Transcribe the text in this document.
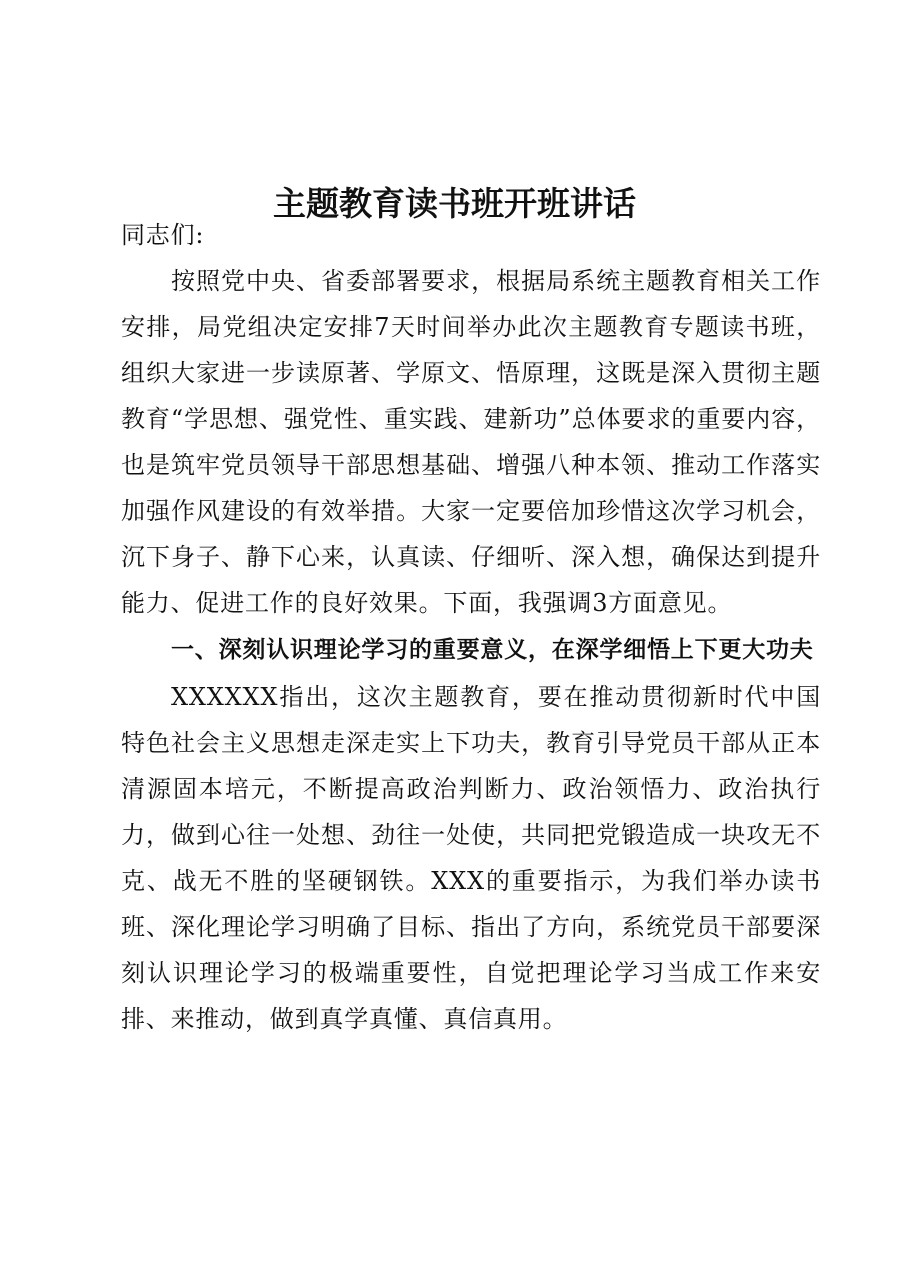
主题教育读书班开班讲话

同志们:

按照党中央、省委部署要求，根据局系统主题教育相关工作安排，局党组决定安排7天时间举办此次主题教育专题读书班，组织大家进一步读原著、学原文、悟原理，这既是深入贯彻主题教育“学思想、强党性、重实践、建新功”总体要求的重要内容，也是筑牢党员领导干部思想基础、增强八种本领、推动工作落实加强作风建设的有效举措。大家一定要倍加珍惜这次学习机会，沉下身子、静下心来，认真读、仔细听、深入想，确保达到提升能力、促进工作的良好效果。下面，我强调3方面意见。

一、深刻认识理论学习的重要意义，在深学细悟上下更大功夫

XXXXXX指出，这次主题教育，要在推动贯彻新时代中国特色社会主义思想走深走实上下功夫，教育引导党员干部从正本清源固本培元，不断提高政治判断力、政治领悟力、政治执行力，做到心往一处想、劲往一处使，共同把党锻造成一块攻无不克、战无不胜的坚硬钢铁。XXX的重要指示，为我们举办读书班、深化理论学习明确了目标、指出了方向，系统党员干部要深刻认识理论学习的极端重要性，自觉把理论学习当成工作来安排、来推动，做到真学真懂、真信真用。
